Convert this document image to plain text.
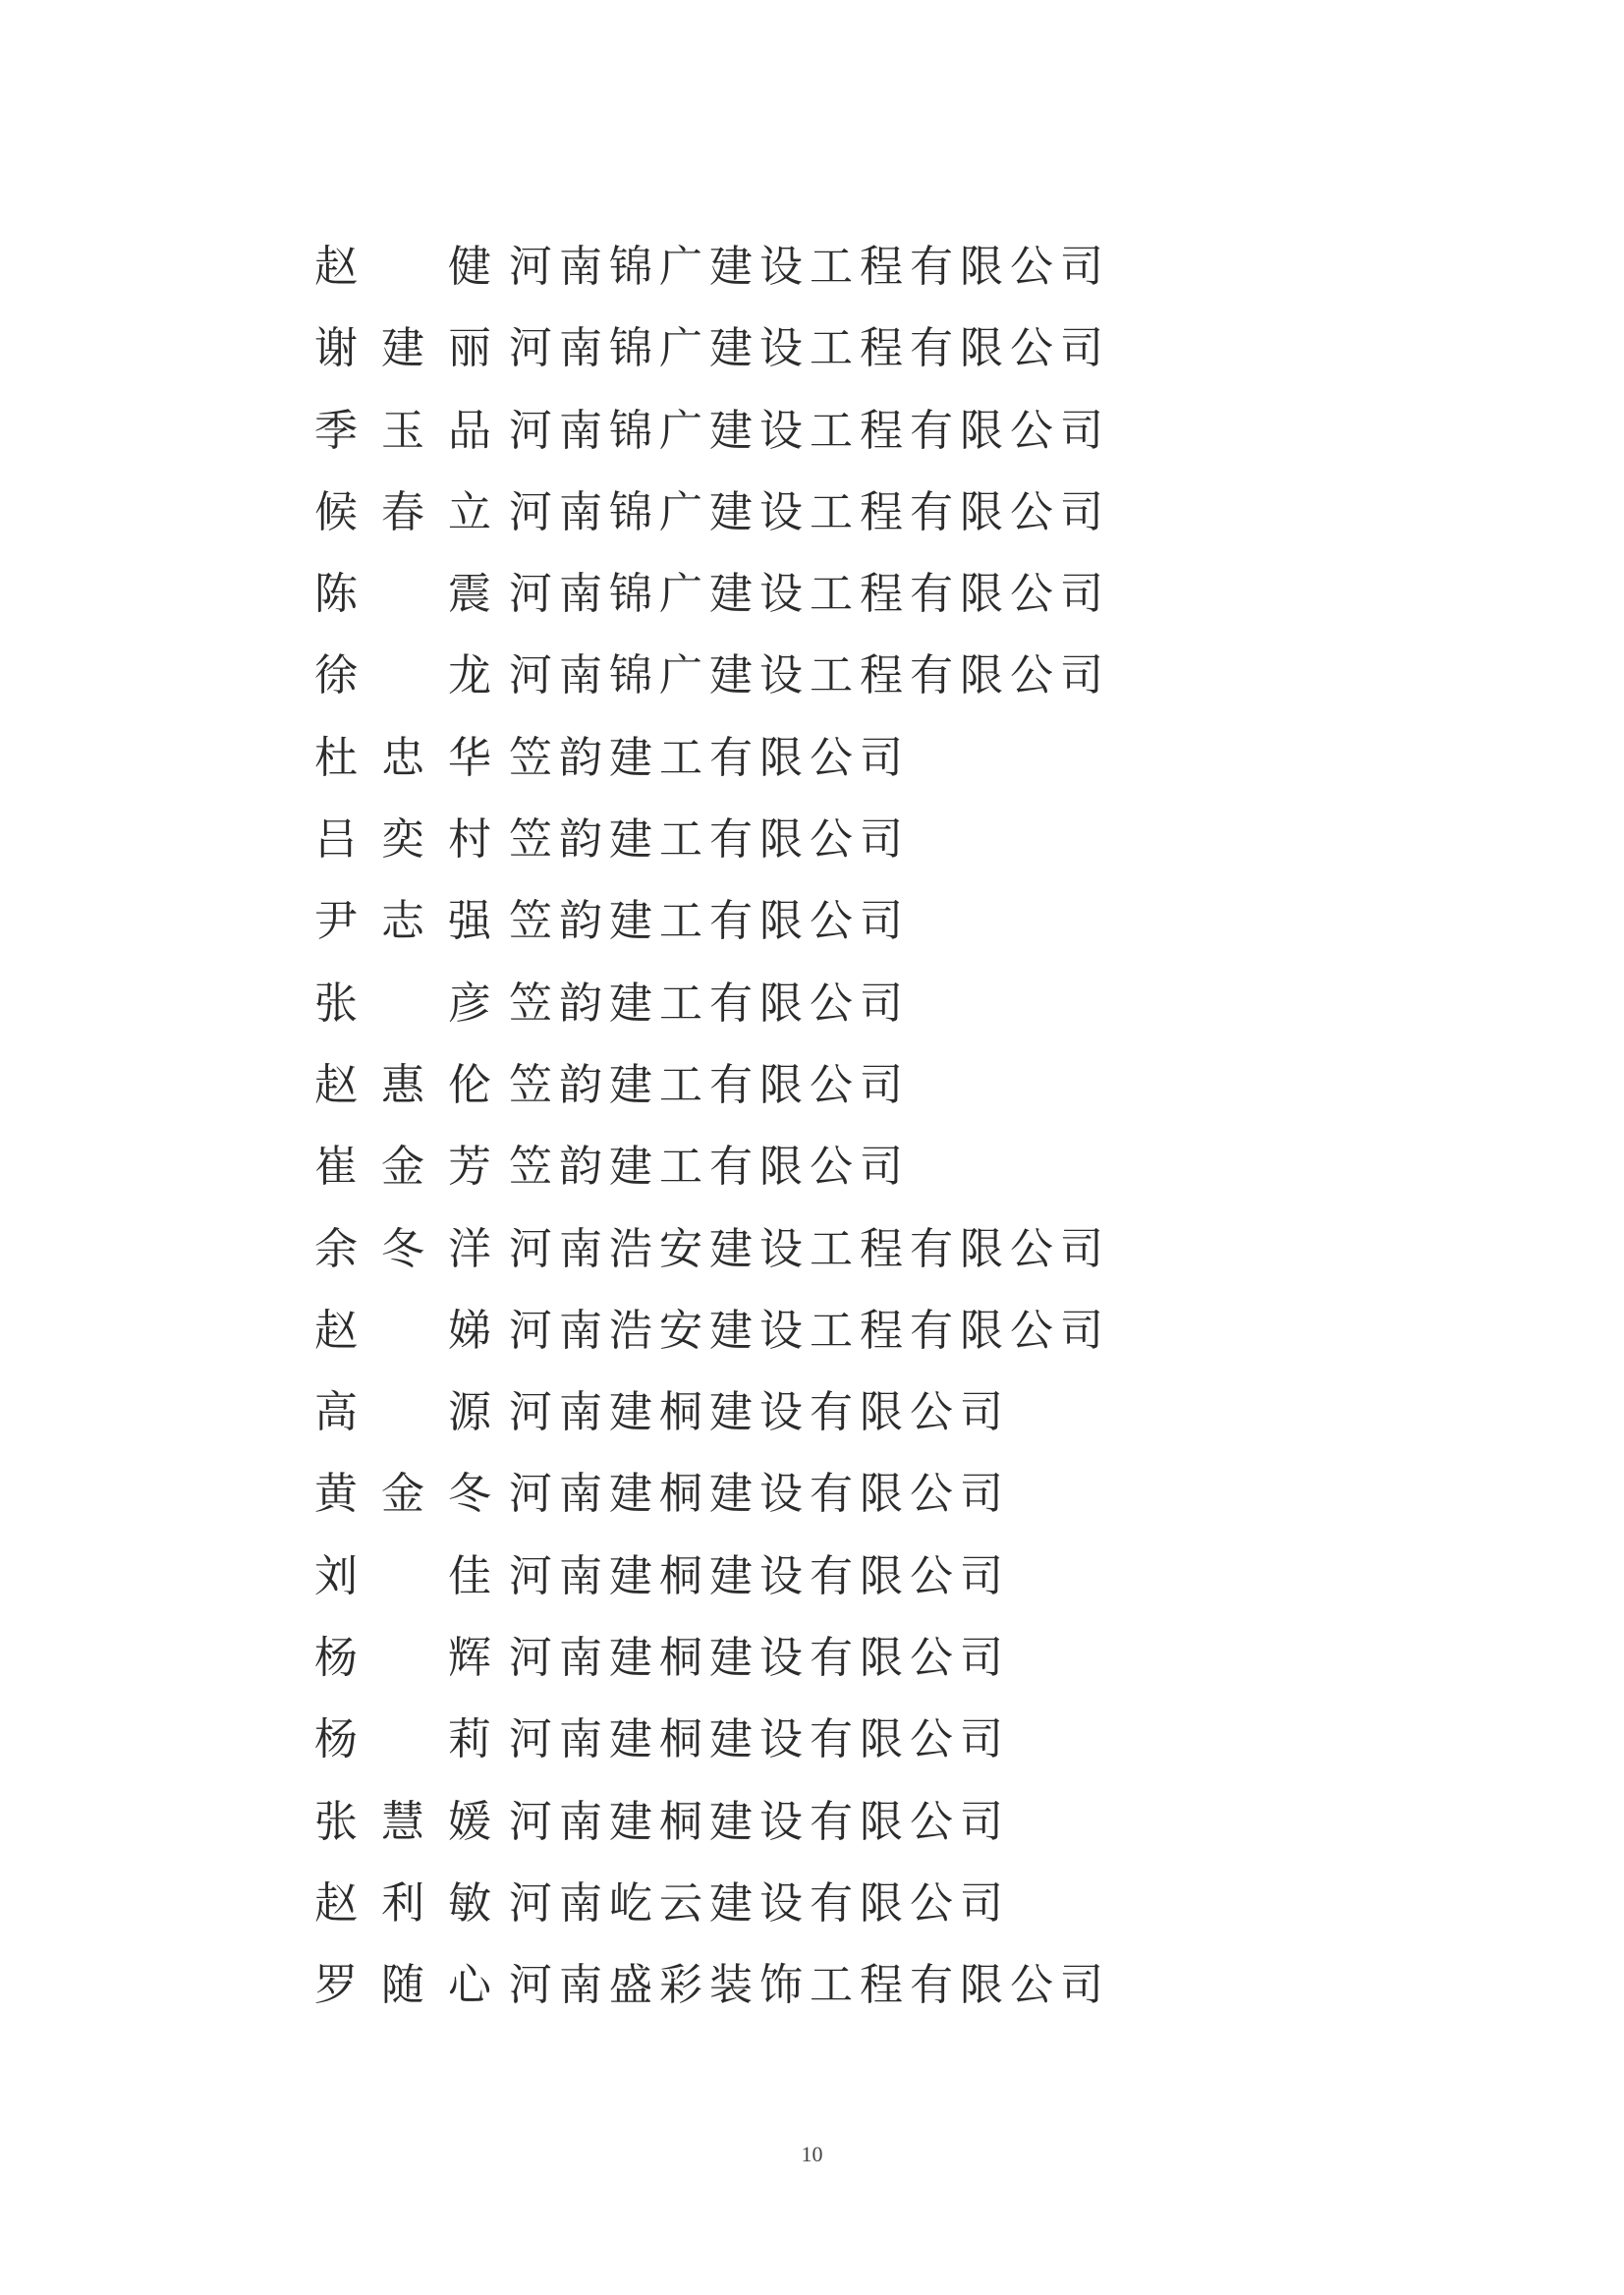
赵　健 河南锦广建设工程有限公司
谢建丽 河南锦广建设工程有限公司
季玉品 河南锦广建设工程有限公司
候春立 河南锦广建设工程有限公司
陈　震 河南锦广建设工程有限公司
徐　龙 河南锦广建设工程有限公司
杜忠华 笠韵建工有限公司
吕奕村 笠韵建工有限公司
尹志强 笠韵建工有限公司
张　彦 笠韵建工有限公司
赵惠伦 笠韵建工有限公司
崔金芳 笠韵建工有限公司
余冬洋 河南浩安建设工程有限公司
赵　娣 河南浩安建设工程有限公司
高　源 河南建桐建设有限公司
黄金冬 河南建桐建设有限公司
刘　佳 河南建桐建设有限公司
杨　辉 河南建桐建设有限公司
杨　莉 河南建桐建设有限公司
张慧媛 河南建桐建设有限公司
赵利敏 河南屹云建设有限公司
罗随心 河南盛彩装饰工程有限公司
10
